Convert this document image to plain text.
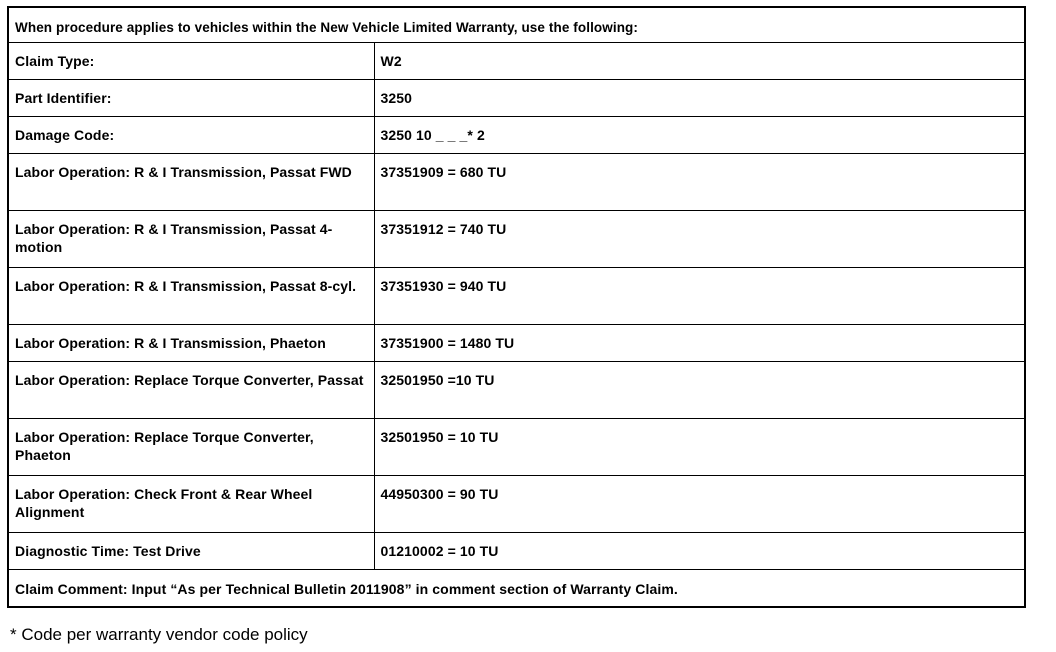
When procedure applies to vehicles within the New Vehicle Limited Warranty, use the following:	
Claim Type:	W2
Part Identifier:	3250
Damage Code:	3250 10 _ _ _* 2
Labor Operation: R & I Transmission, Passat FWD	37351909 = 680 TU
Labor Operation: R & I Transmission, Passat 4-motion	37351912 = 740 TU
Labor Operation: R & I Transmission, Passat 8-cyl.	37351930 = 940 TU
Labor Operation: R & I Transmission, Phaeton	37351900 = 1480 TU
Labor Operation: Replace Torque Converter, Passat	32501950 =10 TU
Labor Operation: Replace Torque Converter, Phaeton	32501950 = 10 TU
Labor Operation: Check Front & Rear Wheel Alignment	44950300 = 90 TU
Diagnostic Time: Test Drive	01210002 = 10 TU
Claim Comment: Input “As per Technical Bulletin 2011908” in comment section of Warranty Claim.	
* Code per warranty vendor code policy
